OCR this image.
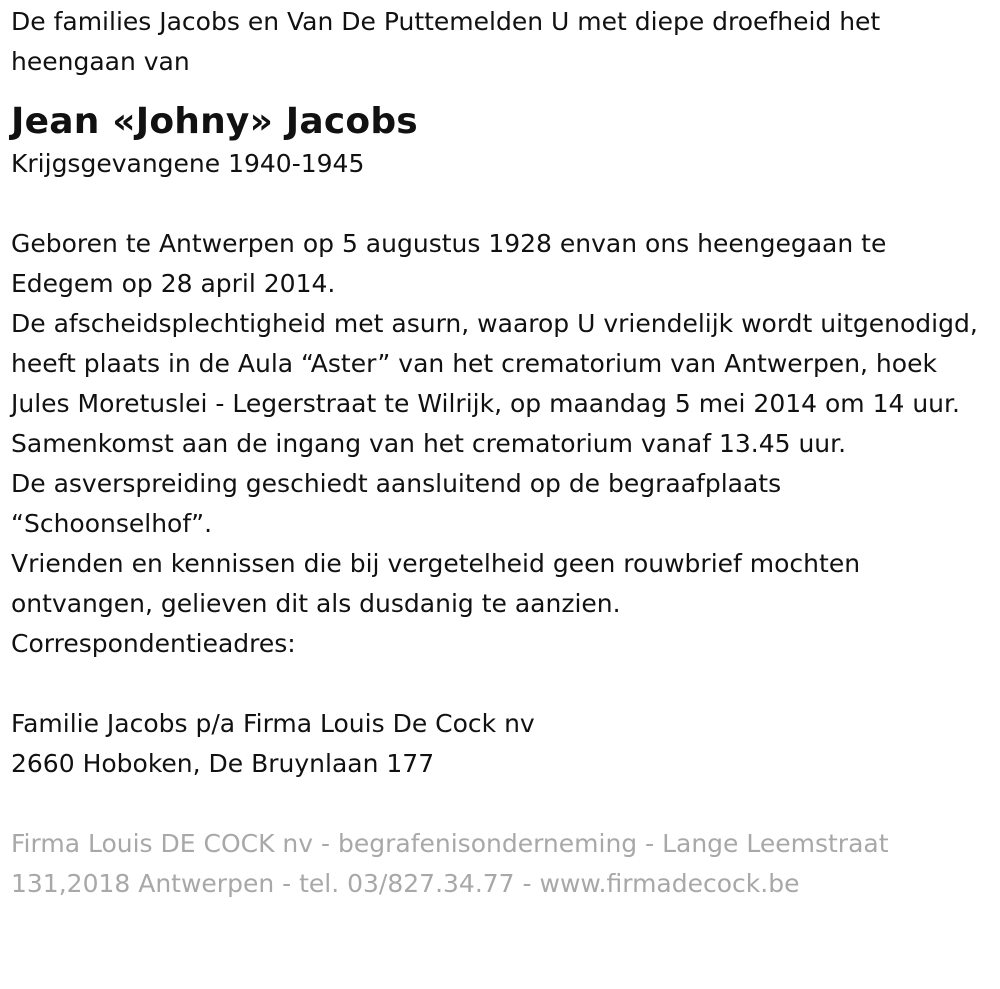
De families Jacobs en Van De Puttemelden U met diepe droefheid het heengaan van

Jean «Johny» Jacobs

Krijgsgevangene 1940-1945

Geboren te Antwerpen op 5 augustus 1928 envan ons heengegaan te Edegem op 28 april 2014.

De afscheidsplechtigheid met asurn, waarop U vriendelijk wordt uitgenodigd, heeft plaats in de Aula “Aster” van het crematorium van Antwerpen, hoek Jules Moretuslei - Legerstraat te Wilrijk, op maandag 5 mei 2014 om 14 uur. Samenkomst aan de ingang van het crematorium vanaf 13.45 uur.

De asverspreiding geschiedt aansluitend op de begraafplaats “Schoonselhof”.

Vrienden en kennissen die bij vergetelheid geen rouwbrief mochten ontvangen, gelieven dit als dusdanig te aanzien.

Correspondentieadres:

Familie Jacobs p/a Firma Louis De Cock nv

2660 Hoboken, De Bruynlaan 177

Firma Louis DE COCK nv - begrafenisonderneming - Lange Leemstraat 131,2018 Antwerpen - tel. 03/827.34.77 - www.firmadecock.be
